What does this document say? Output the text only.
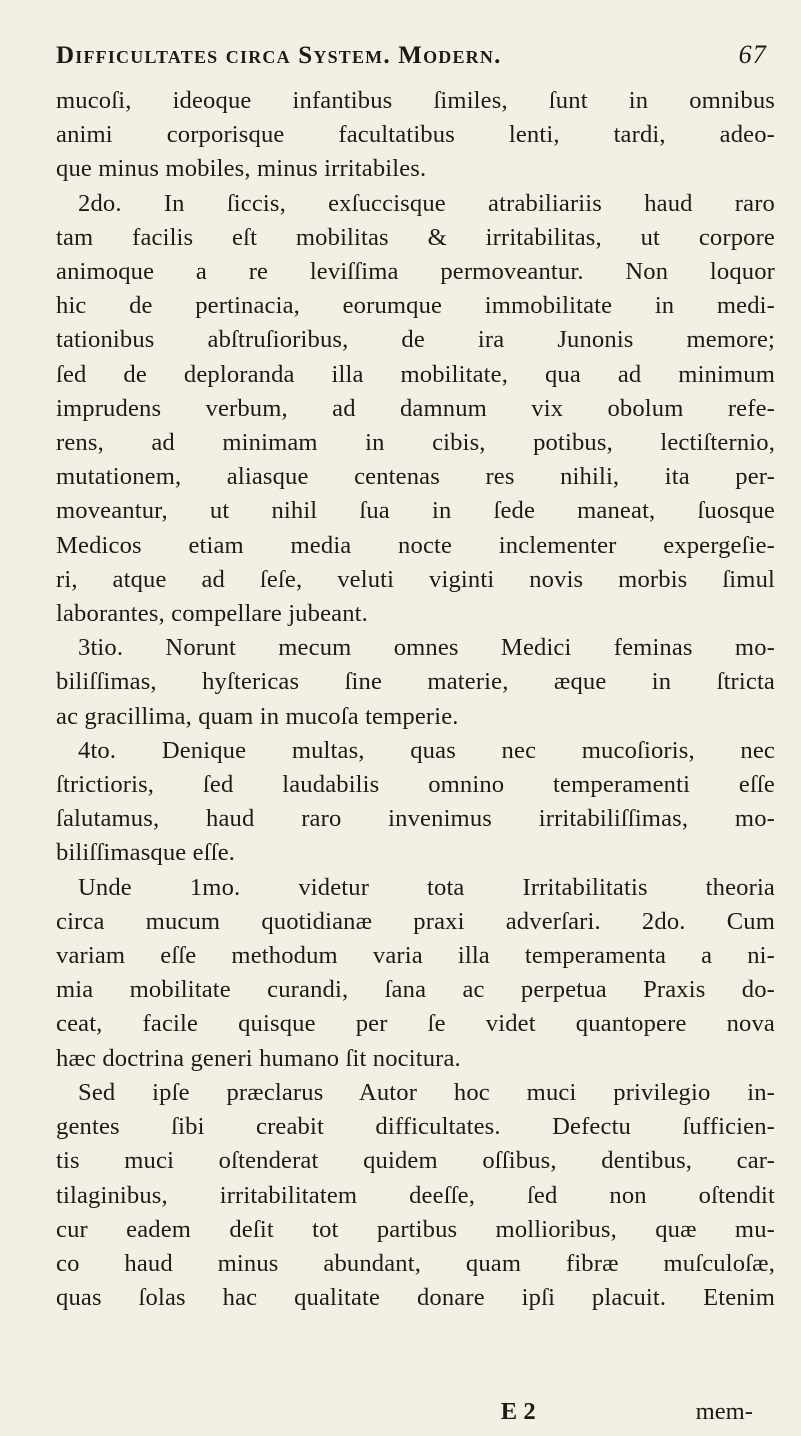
Difficultates circa System. Modern.	67
mucoſi, ideoque infantibus ſimiles, ſunt in omnibus
animi corporisque facultatibus lenti, tardi, adeo-
que minus mobiles, minus irritabiles.
2do. In ſiccis, exſuccisque atrabiliariis haud raro
tam facilis eſt mobilitas & irritabilitas, ut corpore
animoque a re leviſſima permoveantur. Non loquor
hic de pertinacia, eorumque immobilitate in medi-
tationibus abſtruſioribus, de ira Junonis memore;
ſed de deploranda illa mobilitate, qua ad minimum
imprudens verbum, ad damnum vix obolum refe-
rens, ad minimam in cibis, potibus, lectiſternio,
mutationem, aliasque centenas res nihili, ita per-
moveantur, ut nihil ſua in ſede maneat, ſuosque
Medicos etiam media nocte inclementer expergeſie-
ri, atque ad ſeſe, veluti viginti novis morbis ſimul
laborantes, compellare jubeant.
3tio. Norunt mecum omnes Medici feminas mo-
biliſſimas, hyſtericas ſine materie, æque in ſtricta
ac gracillima, quam in mucoſa temperie.
4to. Denique multas, quas nec mucoſioris, nec
ſtrictioris, ſed laudabilis omnino temperamenti eſſe
ſalutamus, haud raro invenimus irritabiliſſimas, mo-
biliſſimasque eſſe.
Unde 1mo. videtur tota Irritabilitatis theoria
circa mucum quotidianæ praxi adverſari. 2do. Cum
variam eſſe methodum varia illa temperamenta a ni-
mia mobilitate curandi, ſana ac perpetua Praxis do-
ceat, facile quisque per ſe videt quantopere nova
hæc doctrina generi humano ſit nocitura.
Sed ipſe præclarus Autor hoc muci privilegio in-
gentes ſibi creabit difficultates. Defectu ſufficien-
tis muci oſtenderat quidem oſſibus, dentibus, car-
tilaginibus, irritabilitatem deeſſe, ſed non oſtendit
cur eadem deſit tot partibus mollioribus, quæ mu-
co haud minus abundant, quam fibræ muſculoſæ,
quas ſolas hac qualitate donare ipſi placuit. Etenim
E 2	mem-
